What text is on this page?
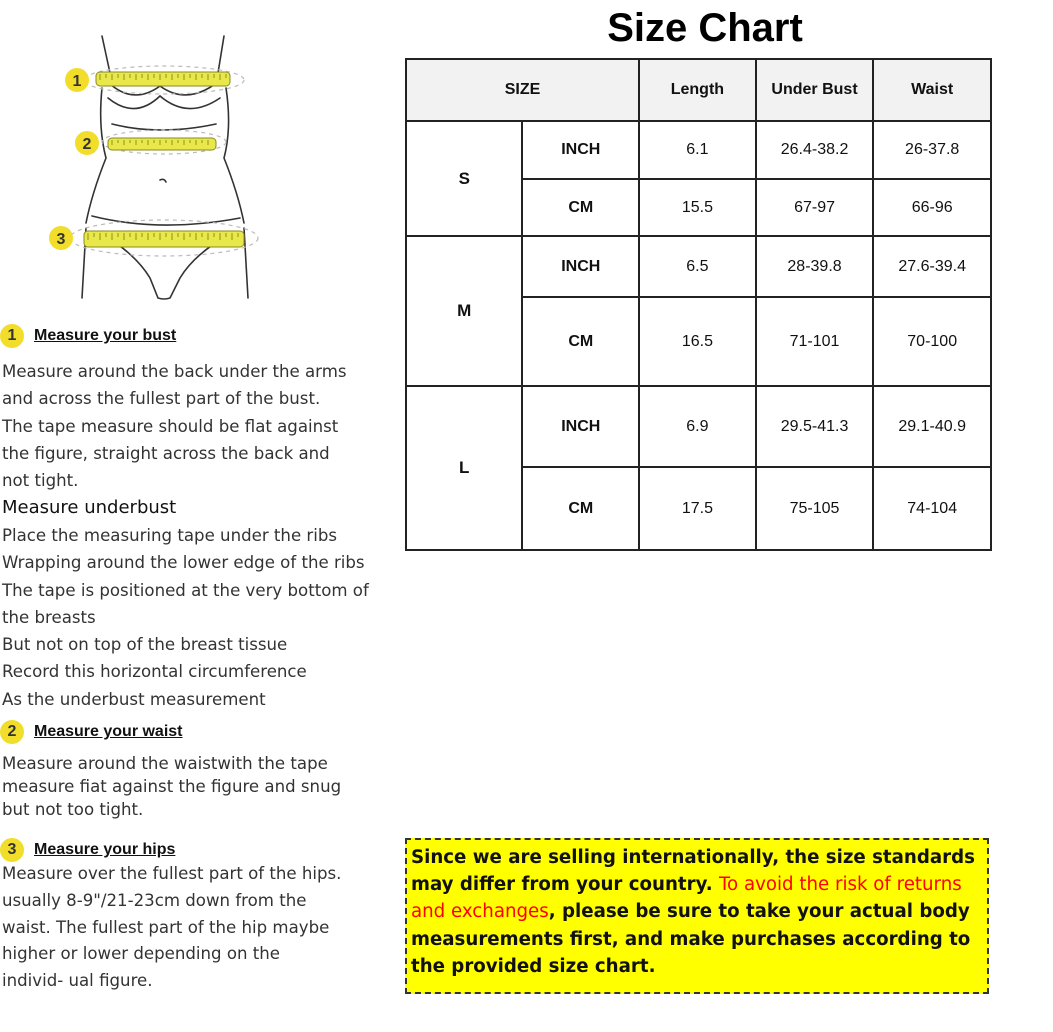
1
2
3
1	Measure your bust
Measure around the back under the arms
and across the fullest part of the bust.
The tape measure should be flat against
the figure, straight across the back and
not tight.
Measure underbust
Place the measuring tape under the ribs
Wrapping around the lower edge of the ribs
The tape is positioned at the very bottom of
the breasts
But not on top of the breast tissue
Record this horizontal circumference
As the underbust measurement
2	Measure your waist
Measure around the waistwith the tape
measure fiat against the figure and snug
but not too tight.
3	Measure your hips
Measure over the fullest part of the hips.
usually 8-9"/21-23cm down from the
waist. The fullest part of the hip maybe
higher or lower depending on the
individ- ual figure.
Size Chart
SIZE		Length	Under Bust	Waist
S	INCH	6.1	26.4-38.2	26-37.8
	CM	15.5	67-97	66-96
M	INCH	6.5	28-39.8	27.6-39.4
	CM	16.5	71-101	70-100
L	INCH	6.9	29.5-41.3	29.1-40.9
	CM	17.5	75-105	74-104
Since we are selling internationally, the size standards may differ from your country. To avoid the risk of returns and exchanges, please be sure to take your actual body measurements first, and make purchases according to the provided size chart.
